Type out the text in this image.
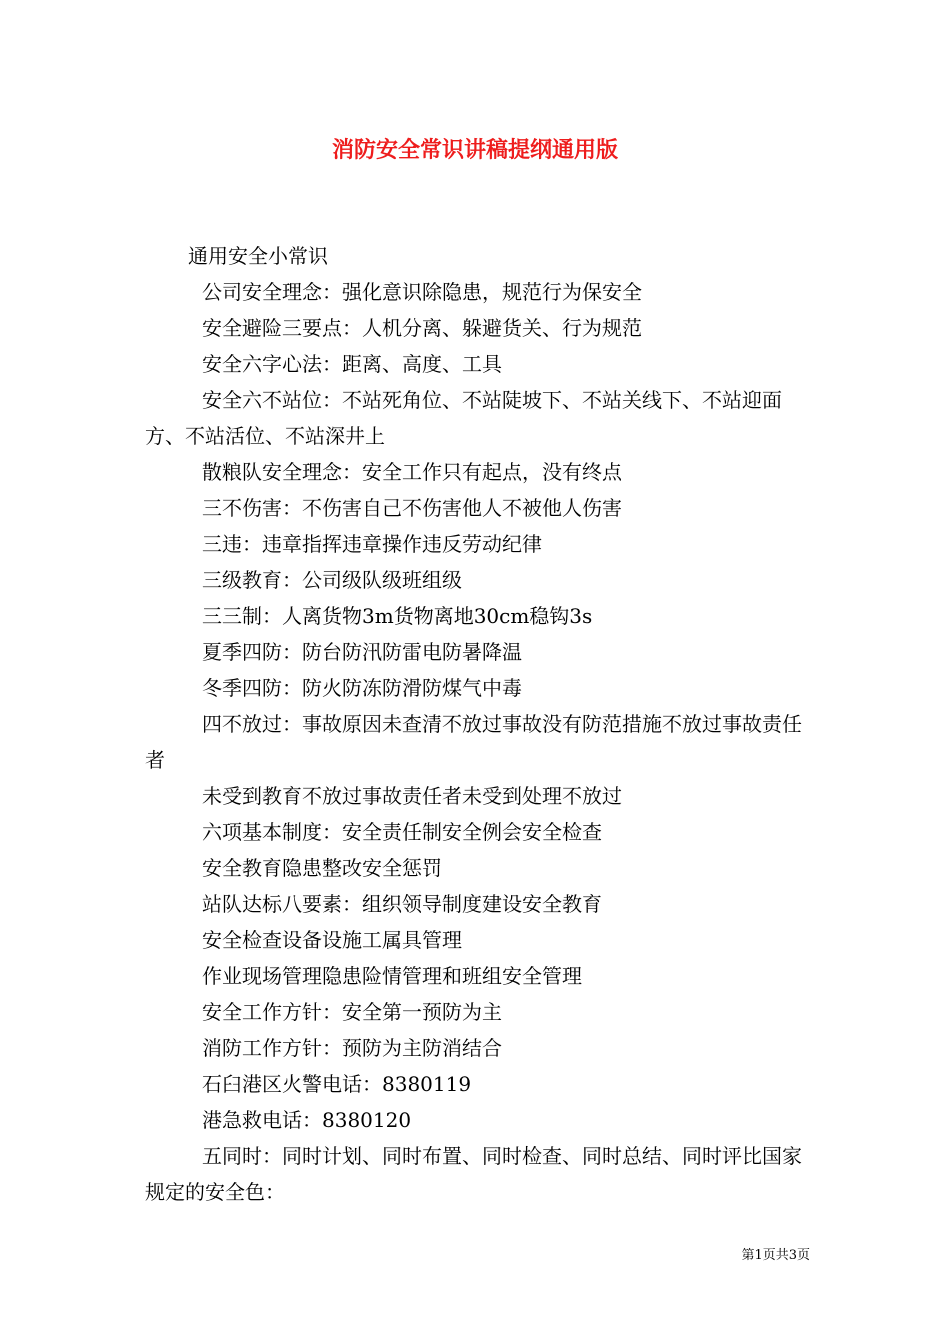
消防安全常识讲稿提纲通用版

通用安全小常识

公司安全理念：强化意识除隐患，规范行为保安全

安全避险三要点：人机分离、躲避货关、行为规范

安全六字心法：距离、高度、工具

安全六不站位：不站死角位、不站陡坡下、不站关线下、不站迎面方、不站活位、不站深井上

散粮队安全理念：安全工作只有起点，没有终点

三不伤害：不伤害自己不伤害他人不被他人伤害

三违：违章指挥违章操作违反劳动纪律

三级教育：公司级队级班组级

三三制：人离货物3m货物离地30cm稳钩3s

夏季四防：防台防汛防雷电防暑降温

冬季四防：防火防冻防滑防煤气中毒

四不放过：事故原因未查清不放过事故没有防范措施不放过事故责任者

未受到教育不放过事故责任者未受到处理不放过

六项基本制度：安全责任制安全例会安全检查

安全教育隐患整改安全惩罚

站队达标八要素：组织领导制度建设安全教育

安全检查设备设施工属具管理

作业现场管理隐患险情管理和班组安全管理

安全工作方针：安全第一预防为主

消防工作方针：预防为主防消结合

石臼港区火警电话：8380119

港急救电话：8380120

五同时：同时计划、同时布置、同时检查、同时总结、同时评比国家规定的安全色：

第1页共3页
